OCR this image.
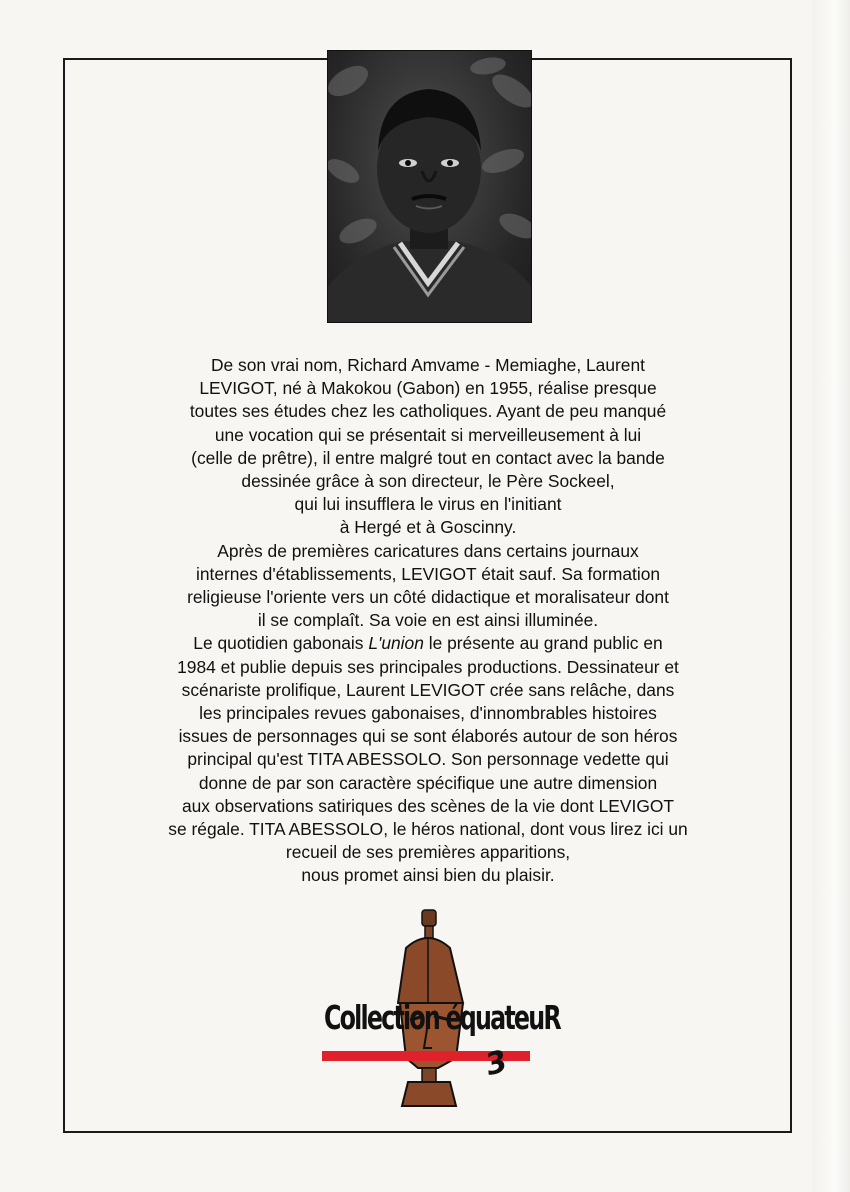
De son vrai nom, Richard Amvame - Memiaghe, Laurent
LEVIGOT, né à Makokou (Gabon) en 1955, réalise presque
toutes ses études chez les catholiques. Ayant de peu manqué
une vocation qui se présentait si merveilleusement à lui
(celle de prêtre), il entre malgré tout en contact avec la bande
dessinée grâce à son directeur, le Père Sockeel,
qui lui insufflera le virus en l'initiant
à Hergé et à Goscinny.

Après de premières caricatures dans certains journaux
internes d'établissements, LEVIGOT était sauf. Sa formation
religieuse l'oriente vers un côté didactique et moralisateur dont
il se complaît. Sa voie en est ainsi illuminée.

Le quotidien gabonais L'union le présente au grand public en
1984 et publie depuis ses principales productions. Dessinateur et
scénariste prolifique, Laurent LEVIGOT crée sans relâche, dans
les principales revues gabonaises, d'innombrables histoires
issues de personnages qui se sont élaborés autour de son héros
principal qu'est TITA ABESSOLO. Son personnage vedette qui
donne de par son caractère spécifique une autre dimension
aux observations satiriques des scènes de la vie dont LEVIGOT
se régale. TITA ABESSOLO, le héros national, dont vous lirez ici un
recueil de ses premières apparitions,
nous promet ainsi bien du plaisir.

Collection équateuR
3
